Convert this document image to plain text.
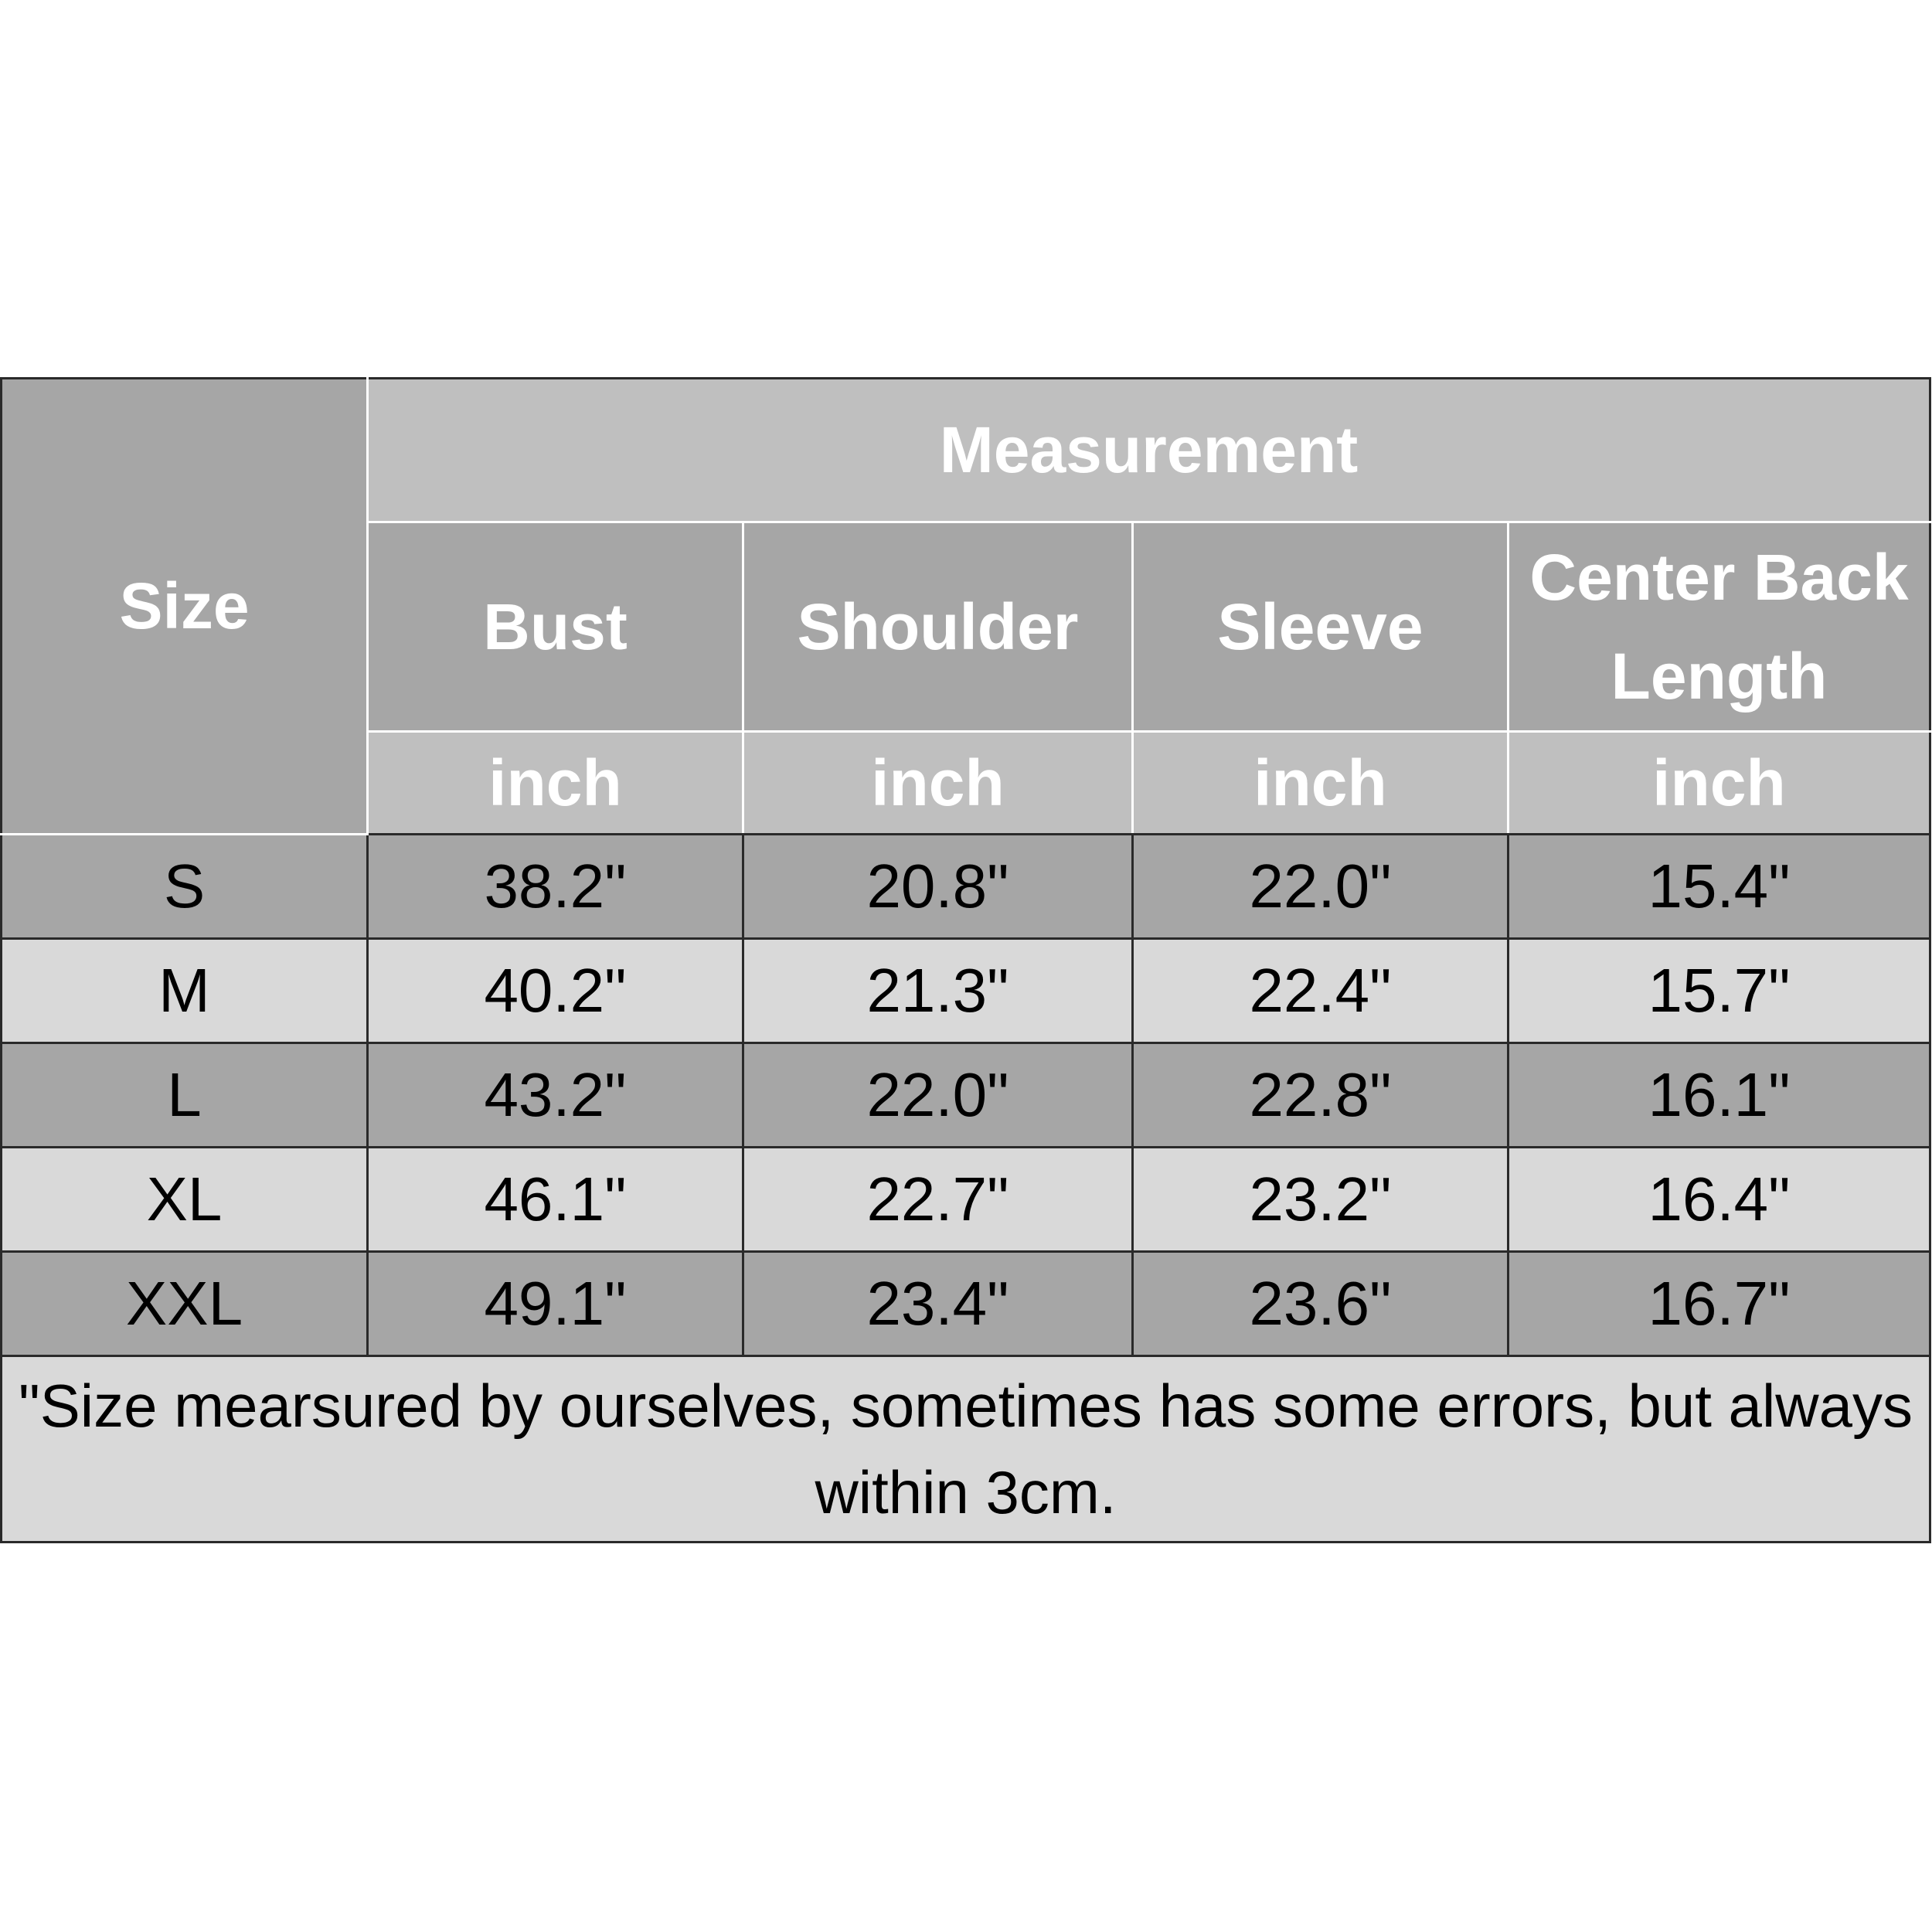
Size	Measurement			
	Bust	Shoulder	Sleeve	Center Back Length
	inch	inch	inch	inch
S	38.2"	20.8"	22.0"	15.4"
M	40.2"	21.3"	22.4"	15.7"
L	43.2"	22.0"	22.8"	16.1"
XL	46.1"	22.7"	23.2"	16.4"
XXL	49.1"	23.4"	23.6"	16.7"
"Size mearsured by ourselves, sometimes has some errors, but always within 3cm.				
